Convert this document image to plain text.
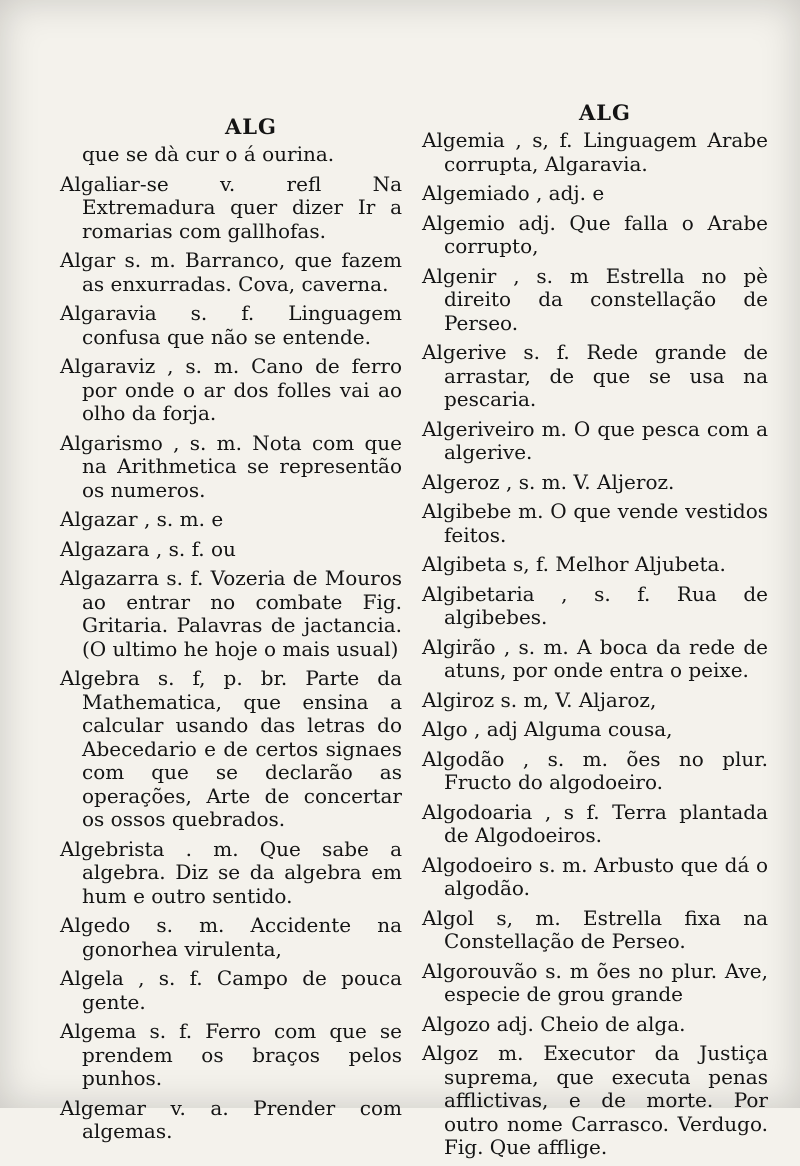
ALG

que se dà cur o á ourina.

Algaliar-se	v. refl Na Extremadura quer dizer Ir a romarias com gallhofas.

Algar s. m. Barranco, que fazem as enxurradas. Cova, caverna.

Algaravia s. f. Linguagem confusa que não se entende.

Algaraviz , s. m. Cano de ferro por onde o ar dos folles vai ao olho da forja.

Algarismo , s. m. Nota com que na Arithmetica se representão os numeros.

Algazar , s. m. e

Algazara , s. f. ou

Algazarra s. f. Vozeria de Mouros ao entrar no combate Fig. Gritaria. Palavras de jactancia. (O ultimo he hoje o mais usual)

Algebra s. f, p. br. Parte da Mathematica, que ensina a calcular usando das letras do Abecedario e de certos signaes com que se declarão as operações, Arte de concertar os ossos quebrados.

Algebrista . m. Que sabe a algebra. Diz se da algebra em hum e outro sentido.

Algedo s. m. Accidente na gonorhea virulenta,

Algela , s. f. Campo de pouca gente.

Algema s. f. Ferro com que se prendem os braços pelos punhos.

Algemar v. a. Prender com algemas.

ALG

Algemia , s, f. Linguagem Arabe corrupta, Algaravia.

Algemiado , adj. e

Algemio adj. Que falla o Arabe corrupto,

Algenir , s. m Estrella no pè direito da constellação de Perseo.

Algerive s. f. Rede grande de arrastar, de que se usa na pescaria.

Algeriveiro m. O que pesca com a algerive.

Algeroz , s. m. V. Aljeroz.

Algibebe m. O que vende vestidos feitos.

Algibeta s, f. Melhor Aljubeta.

Algibetaria , s. f. Rua de algibebes.

Algirão , s. m. A boca da rede de atuns, por onde entra o peixe.

Algiroz s. m, V. Aljaroz,

Algo , adj Alguma cousa,

Algodão , s. m. ões no plur. Fructo do algodoeiro.

Algodoaria , s f. Terra plantada de Algodoeiros.

Algodoeiro s. m. Arbusto que dá o algodão.

Algol s, m. Estrella fixa na Constellação de Perseo.

Algorouvão s. m ões no plur. Ave, especie de grou grande

Algozo adj. Cheio de alga.

Algoz m. Executor da Justiça suprema, que executa penas afflictivas, e de morte. Por outro nome Carrasco. Verdugo. Fig. Que afflige.
